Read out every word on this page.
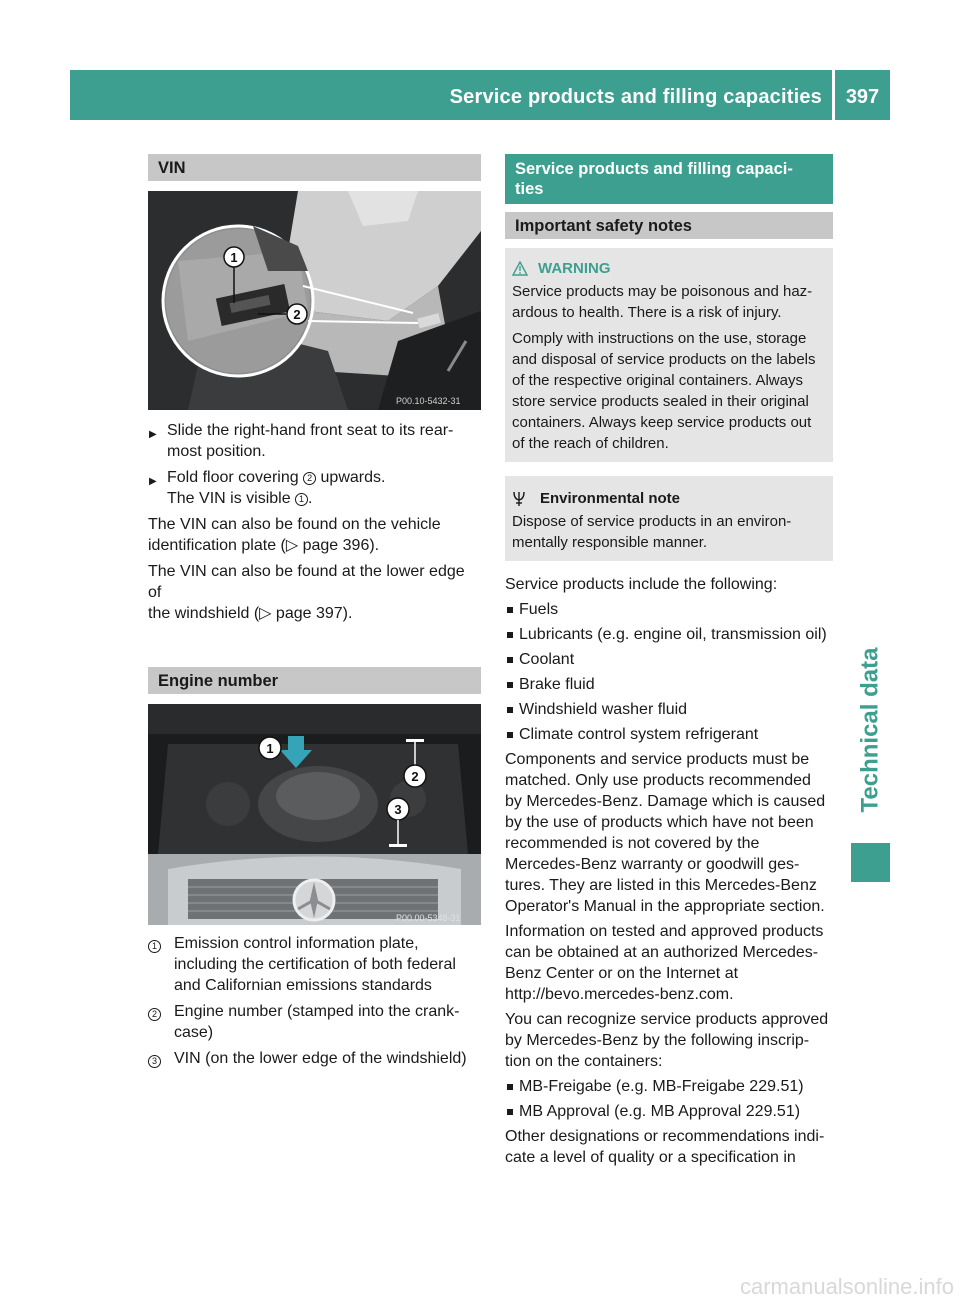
Service products and filling capacities	397
Technical data
VIN
1
2
P00.10-5432-31

▶ Slide the right-hand front seat to its rear-

most position.

▶ Fold floor covering 2 upwards.

The VIN is visible 1 .

The VIN can also be found on the vehicle
identification plate (▷ page 396).

The VIN can also be found at the lower edge of
the windshield (▷ page 397).

Engine number
1
2
3
P00.00-5348-31
1	Emission control information plate,

including the certification of both federal

and Californian emissions standards

2	Engine number (stamped into the crank-

case)

3	VIN (on the lower edge of the windshield)

Service products and filling capaci-
ties
Important safety notes
WARNING

Service products may be poisonous and haz-

ardous to health. There is a risk of injury.

Comply with instructions on the use, storage

and disposal of service products on the labels

of the respective original containers. Always

store service products sealed in their original

containers. Always keep service products out

of the reach of children.

Environmental note

Dispose of service products in an environ-

mentally responsible manner.

Service products include the following:

Fuels

Lubricants (e.g. engine oil, transmission oil)

Coolant

Brake fluid

Windshield washer fluid

Climate control system refrigerant

Components and service products must be

matched. Only use products recommended

by Mercedes-Benz. Damage which is caused

by the use of products which have not been

recommended is not covered by the

Mercedes-Benz warranty or goodwill ges-

tures. They are listed in this Mercedes-Benz

Operator's Manual in the appropriate section.

Information on tested and approved products

can be obtained at an authorized Mercedes-

Benz Center or on the Internet at

http://bevo.mercedes-benz.com.

You can recognize service products approved

by Mercedes-Benz by the following inscrip-

tion on the containers:

MB-Freigabe (e.g. MB-Freigabe 229.51)

MB Approval (e.g. MB Approval 229.51)

Other designations or recommendations indi-

cate a level of quality or a specification in

carmanualsonline.info
